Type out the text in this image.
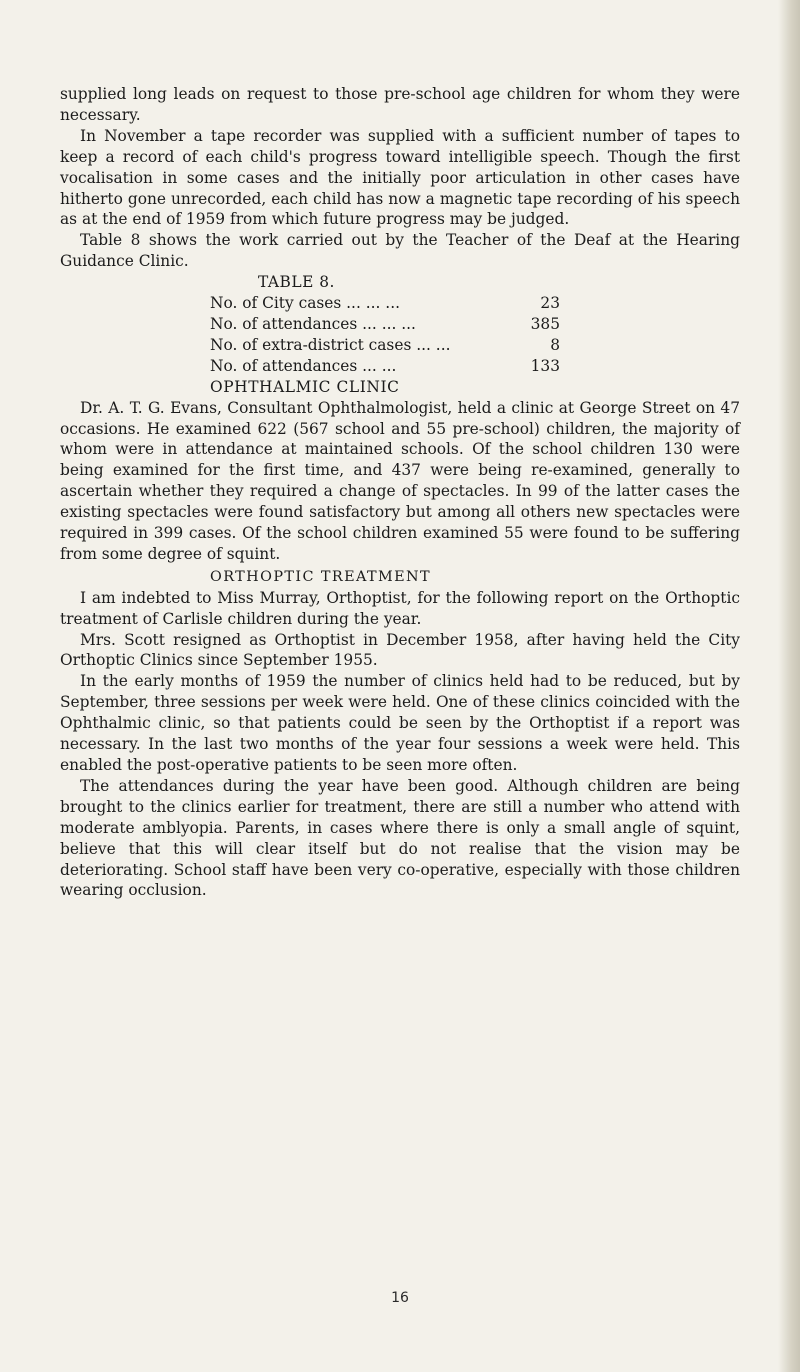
supplied long leads on request to those pre-school age children for whom they were necessary.

In November a tape recorder was supplied with a sufficient number of tapes to keep a record of each child's progress toward intelligible speech. Though the first vocalisation in some cases and the initially poor articulation in other cases have hitherto gone unrecorded, each child has now a magnetic tape recording of his speech as at the end of 1959 from which future progress may be judged.

Table 8 shows the work carried out by the Teacher of the Deaf at the Hearing Guidance Clinic.

TABLE 8.

No. of City cases ... ... ...	23
No. of attendances ... ... ...	385
No. of extra-district cases ... ...	8
No. of attendances ... ...	133

OPHTHALMIC CLINIC

Dr. A. T. G. Evans, Consultant Ophthalmologist, held a clinic at George Street on 47 occasions. He examined 622 (567 school and 55 pre-school) children, the majority of whom were in attendance at maintained schools. Of the school children 130 were being examined for the first time, and 437 were being re-examined, generally to ascertain whether they required a change of spectacles. In 99 of the latter cases the existing spectacles were found satisfactory but among all others new spectacles were required in 399 cases. Of the school children examined 55 were found to be suffering from some degree of squint.

ORTHOPTIC TREATMENT

I am indebted to Miss Murray, Orthoptist, for the following report on the Orthoptic treatment of Carlisle children during the year.

Mrs. Scott resigned as Orthoptist in December 1958, after having held the City Orthoptic Clinics since September 1955.

In the early months of 1959 the number of clinics held had to be reduced, but by September, three sessions per week were held. One of these clinics coincided with the Ophthalmic clinic, so that patients could be seen by the Orthoptist if a report was necessary. In the last two months of the year four sessions a week were held. This enabled the post-operative patients to be seen more often.

The attendances during the year have been good. Although children are being brought to the clinics earlier for treatment, there are still a number who attend with moderate amblyopia. Parents, in cases where there is only a small angle of squint, believe that this will clear itself but do not realise that the vision may be deteriorating. School staff have been very co-operative, especially with those children wearing occlusion.

16
